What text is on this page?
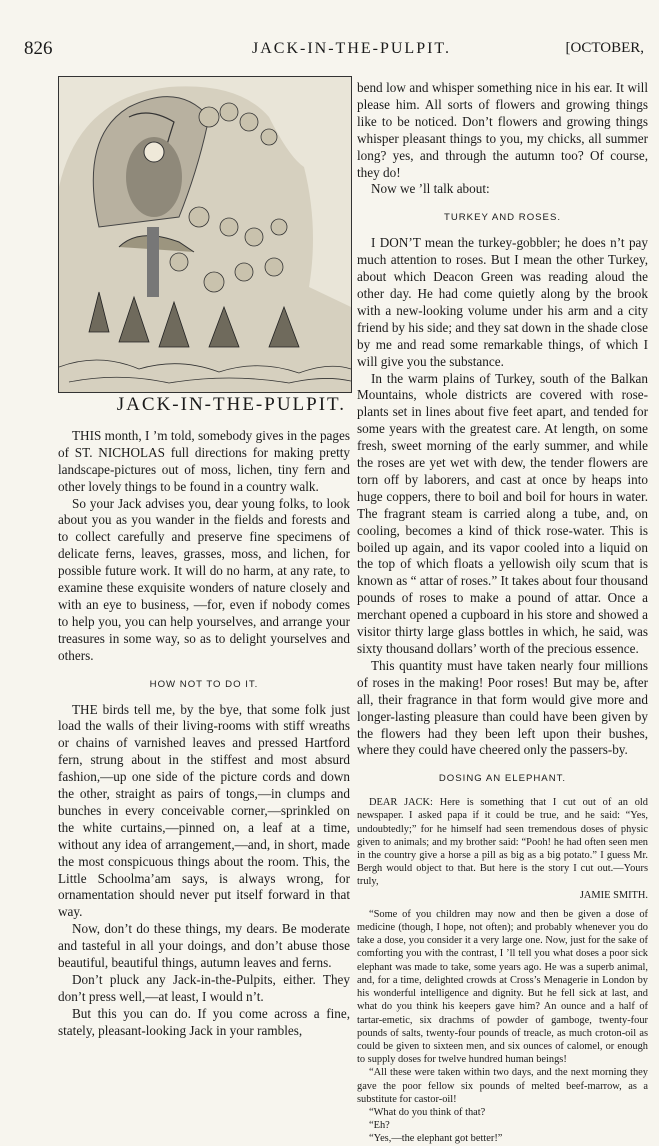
826	JACK-IN-THE-PULPIT.	[OCTOBER,
JACK-IN-THE-PULPIT.

THIS month, I ’m told, somebody gives in the pages of ST. NICHOLAS full directions for making pretty landscape-pictures out of moss, lichen, tiny fern and other lovely things to be found in a country walk.

So your Jack advises you, dear young folks, to look about you as you wander in the fields and forests and to collect carefully and preserve fine specimens of delicate ferns, leaves, grasses, moss, and lichen, for possible future work. It will do no harm, at any rate, to examine these exquisite wonders of nature closely and with an eye to business, —for, even if nobody comes to help you, you can help yourselves, and arrange your treasures in some way, so as to delight yourselves and others.

HOW NOT TO DO IT.

THE birds tell me, by the bye, that some folk just load the walls of their living-rooms with stiff wreaths or chains of varnished leaves and pressed Hartford fern, strung about in the stiffest and most absurd fashion,—up one side of the picture cords and down the other, straight as pairs of tongs,—in clumps and bunches in every conceivable corner,—sprinkled on the white curtains,—pinned on, a leaf at a time, without any idea of arrangement,—and, in short, made the most conspicuous things about the room. This, the Little Schoolma’am says, is always wrong, for ornamentation should never put itself forward in that way.

Now, don’t do these things, my dears. Be moderate and tasteful in all your doings, and don’t abuse those beautiful, beautiful things, autumn leaves and ferns.

Don’t pluck any Jack-in-the-Pulpits, either. They don’t press well,—at least, I would n’t.

But this you can do. If you come across a fine, stately, pleasant-looking Jack in your rambles,

bend low and whisper something nice in his ear. It will please him. All sorts of flowers and growing things like to be noticed. Don’t flowers and growing things whisper pleasant things to you, my chicks, all summer long? yes, and through the autumn too? Of course, they do!

Now we ’ll talk about:

TURKEY AND ROSES.

I DON’T mean the turkey-gobbler; he does n’t pay much attention to roses. But I mean the other Turkey, about which Deacon Green was reading aloud the other day. He had come quietly along by the brook with a new-looking volume under his arm and a city friend by his side; and they sat down in the shade close by me and read some remarkable things, of which I will give you the substance.

In the warm plains of Turkey, south of the Balkan Mountains, whole districts are covered with rose-plants set in lines about five feet apart, and tended for some years with the greatest care. At length, on some fresh, sweet morning of the early summer, and while the roses are yet wet with dew, the tender flowers are torn off by laborers, and cast at once by heaps into huge coppers, there to boil and boil for hours in water. The fragrant steam is carried along a tube, and, on cooling, becomes a kind of thick rose-water. This is boiled up again, and its vapor cooled into a liquid on the top of which floats a yellowish oily scum that is known as “ attar of roses.” It takes about four thousand pounds of roses to make a pound of attar. Once a merchant opened a cupboard in his store and showed a visitor thirty large glass bottles in which, he said, was sixty thousand dollars’ worth of the precious essence.

This quantity must have taken nearly four millions of roses in the making! Poor roses! But may be, after all, their fragrance in that form would give more and longer-lasting pleasure than could have been given by the flowers had they been left upon their bushes, where they could have cheered only the passers-by.

DOSING AN ELEPHANT.

DEAR JACK: Here is something that I cut out of an old newspaper. I asked papa if it could be true, and he said: “Yes, undoubtedly;” for he himself had seen tremendous doses of physic given to animals; and my brother said: “Pooh! he had often seen men in the country give a horse a pill as big as a big potato.” I guess Mr. Bergh would object to that. But here is the story I cut out.—Yours truly,

JAMIE SMITH.

“Some of you children may now and then be given a dose of medicine (though, I hope, not often); and probably whenever you do take a dose, you consider it a very large one. Now, just for the sake of comforting you with the contrast, I ’ll tell you what doses a poor sick elephant was made to take, some years ago. He was a superb animal, and, for a time, delighted crowds at Cross’s Menagerie in London by his wonderful intelligence and dignity. But he fell sick at last, and what do you think his keepers gave him? An ounce and a half of tartar-emetic, six drachms of powder of gamboge, twenty-four pounds of salts, twenty-four pounds of treacle, as much croton-oil as could be given to sixteen men, and six ounces of calomel, or enough to supply doses for twelve hundred human beings!

“All these were taken within two days, and the next morning they gave the poor fellow six pounds of melted beef-marrow, as a substitute for castor-oil!

“What do you think of that?

“Eh?

“Yes,—the elephant got better!”
